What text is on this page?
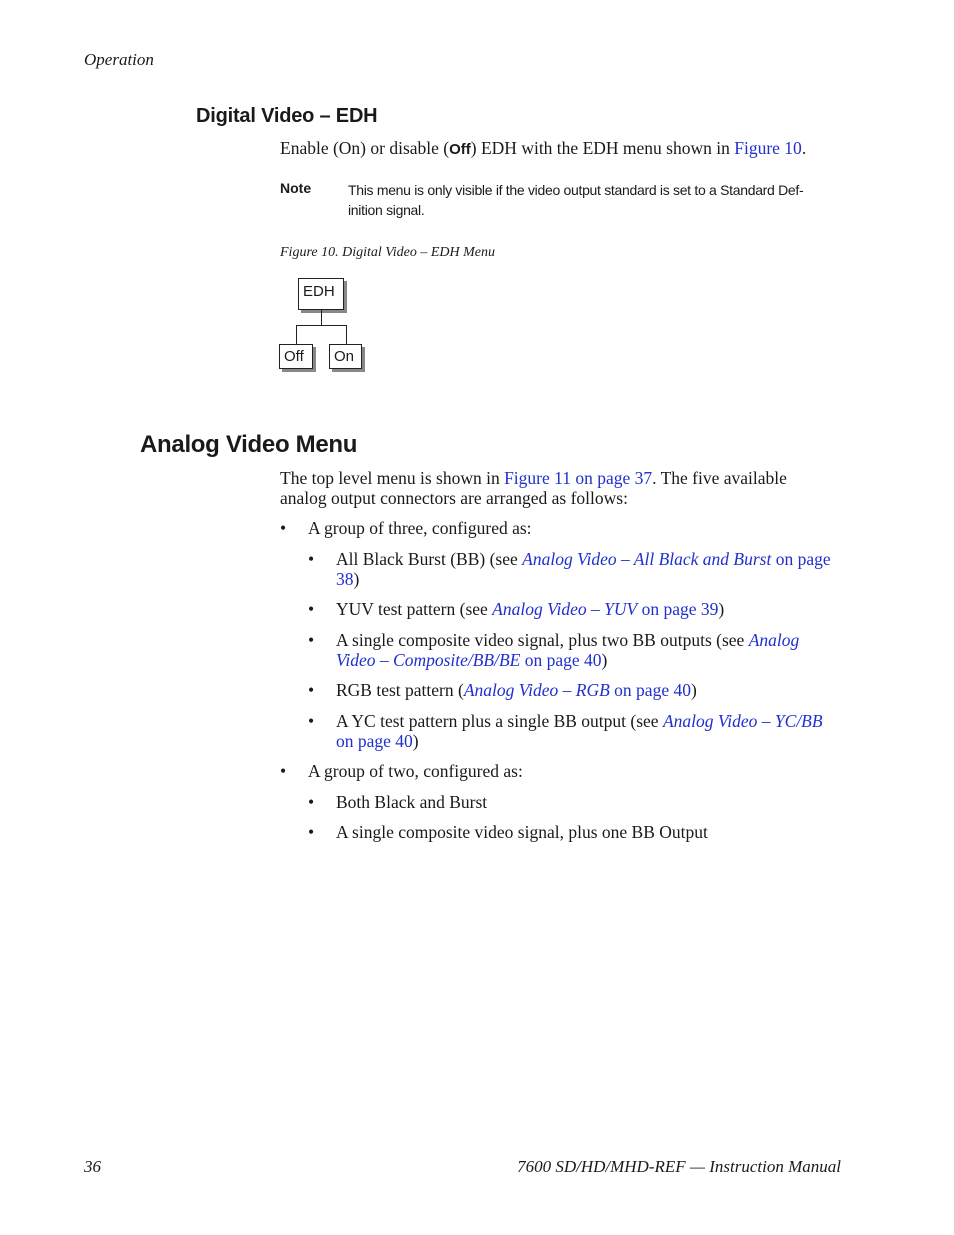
Operation
Digital Video – EDH
Enable (On) or disable (Off) EDH with the EDH menu shown in Figure 10.
Note	This menu is only visible if the video output standard is set to a Standard Def-inition signal.
Figure 10. Digital Video – EDH Menu
EDH
Off	On
Analog Video Menu
The top level menu is shown in Figure 11 on page 37. The five available analog output connectors are arranged as follows:
• A group of three, configured as:
• All Black Burst (BB) (see Analog Video – All Black and Burst on page 38)
• YUV test pattern (see Analog Video – YUV on page 39)
• A single composite video signal, plus two BB outputs (see Analog Video – Composite/BB/BE on page 40)
• RGB test pattern (Analog Video – RGB on page 40)
• A YC test pattern plus a single BB output (see Analog Video – YC/BB on page 40)
• A group of two, configured as:
• Both Black and Burst
• A single composite video signal, plus one BB Output
36	7600 SD/HD/MHD-REF — Instruction Manual
